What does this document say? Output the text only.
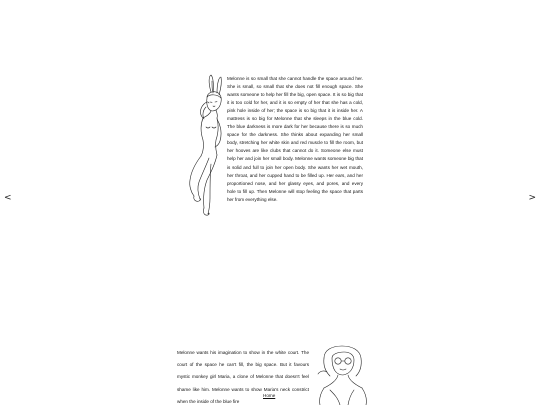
<	>

Melonne is so small that she cannot handle the space around her. She is small, so small that she does not fill enough space. She wants someone to help her fill the big, open space. It is so big that it is too cold for her, and it is so empty of her that she has a cold, pink hole inside of her; the space is so big that it is inside her. A mattress is so big for Melonne that she sleeps in the blue cold. The blue darkness is more dark for her because there is so much space for the darkness. She thinks about expanding her small body, stretching her white skin and red muscle to fill the room, but her hooves are like clubs that cannot do it. Someone else must help her and join her small body. Melonne wants someone big that is solid and full to join her open body. She wants her wet mouth, her throat, and her cupped hand to be filled up. Her ears, and her proportioned nose, and her glassy eyes, and pores, and every hole to fill up. Then Melonne will stop feeling the space that parts her from everything else.

Melonne wants his imagination to show in the white court. The court of the space he can't fill, the big space. But it favours mystic monkey girl Maria, a clone of Melonne that doesn't feel shame like him. Melonne wants to show Maria's neck constrict when the inside of the blue fire

Home
